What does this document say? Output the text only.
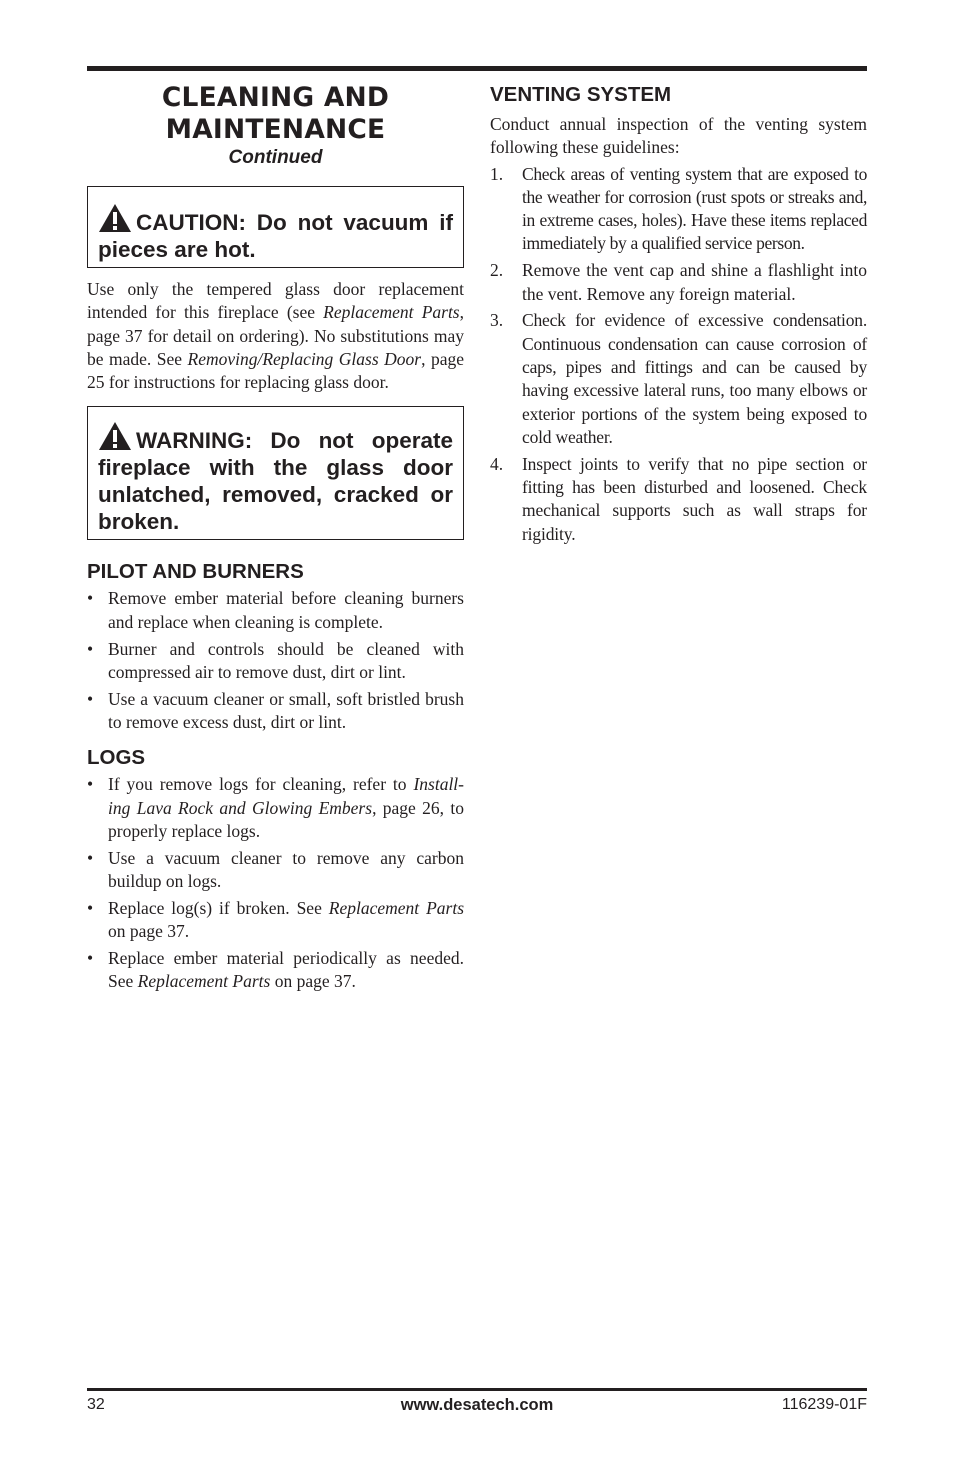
CLEANING AND
MAINTENANCE
Continued
CAUTION: Do not vacuum if pieces are hot.

Use only the tempered glass door replacement intended for this fireplace (see Replacement Parts, page 37 for detail on ordering). No substitutions may be made. See Removing/Replacing Glass Door, page 25 for instructions for replacing glass door.

WARNING: Do not operate fireplace with the glass door unlatched, removed, cracked or broken.
PILOT AND BURNERS
• Remove ember material before cleaning burners and replace when cleaning is complete.
• Burner and controls should be cleaned with compressed air to remove dust, dirt or lint.
• Use a vacuum cleaner or small, soft bristled brush to remove excess dust, dirt or lint.
LOGS
• If you remove logs for cleaning, refer to Install-ing Lava Rock and Glowing Embers, page 26, to properly replace logs.
• Use a vacuum cleaner to remove any carbon buildup on logs.
• Replace log(s) if broken. See Replacement Parts on page 37.
• Replace ember material periodically as needed. See Replacement Parts on page 37.
VENTING SYSTEM

Conduct annual inspection of the venting system following these guidelines:

1. Check areas of venting system that are exposed to the weather for corrosion (rust spots or streaks and, in extreme cases, holes). Have these items replaced immediately by a qualified service person.
2. Remove the vent cap and shine a flashlight into the vent. Remove any foreign material.
3. Check for evidence of excessive condensation. Continuous condensation can cause corrosion of caps, pipes and fittings and can be caused by having excessive lateral runs, too many elbows or exterior portions of the system being exposed to cold weather.
4. Inspect joints to verify that no pipe section or fitting has been disturbed and loosened. Check mechanical supports such as wall straps for rigidity.
32	www.desatech.com	116239-01F
